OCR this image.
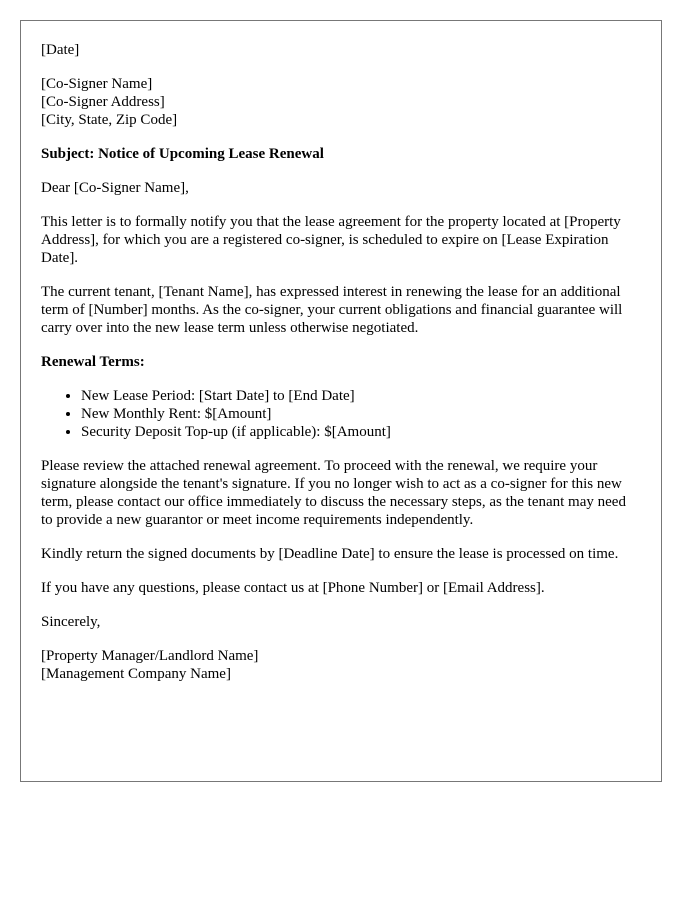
[Date]
[Co-Signer Name]
[Co-Signer Address]
[City, State, Zip Code]
Subject: Notice of Upcoming Lease Renewal
Dear [Co-Signer Name],
This letter is to formally notify you that the lease agreement for the property located at [Property Address], for which you are a registered co-signer, is scheduled to expire on [Lease Expiration Date].
The current tenant, [Tenant Name], has expressed interest in renewing the lease for an additional term of [Number] months. As the co-signer, your current obligations and financial guarantee will carry over into the new lease term unless otherwise negotiated.
Renewal Terms:
• New Lease Period: [Start Date] to [End Date]
• New Monthly Rent: $[Amount]
• Security Deposit Top-up (if applicable): $[Amount]
Please review the attached renewal agreement. To proceed with the renewal, we require your signature alongside the tenant's signature. If you no longer wish to act as a co-signer for this new term, please contact our office immediately to discuss the necessary steps, as the tenant may need to provide a new guarantor or meet income requirements independently.
Kindly return the signed documents by [Deadline Date] to ensure the lease is processed on time.
If you have any questions, please contact us at [Phone Number] or [Email Address].
Sincerely,
[Property Manager/Landlord Name]
[Management Company Name]
